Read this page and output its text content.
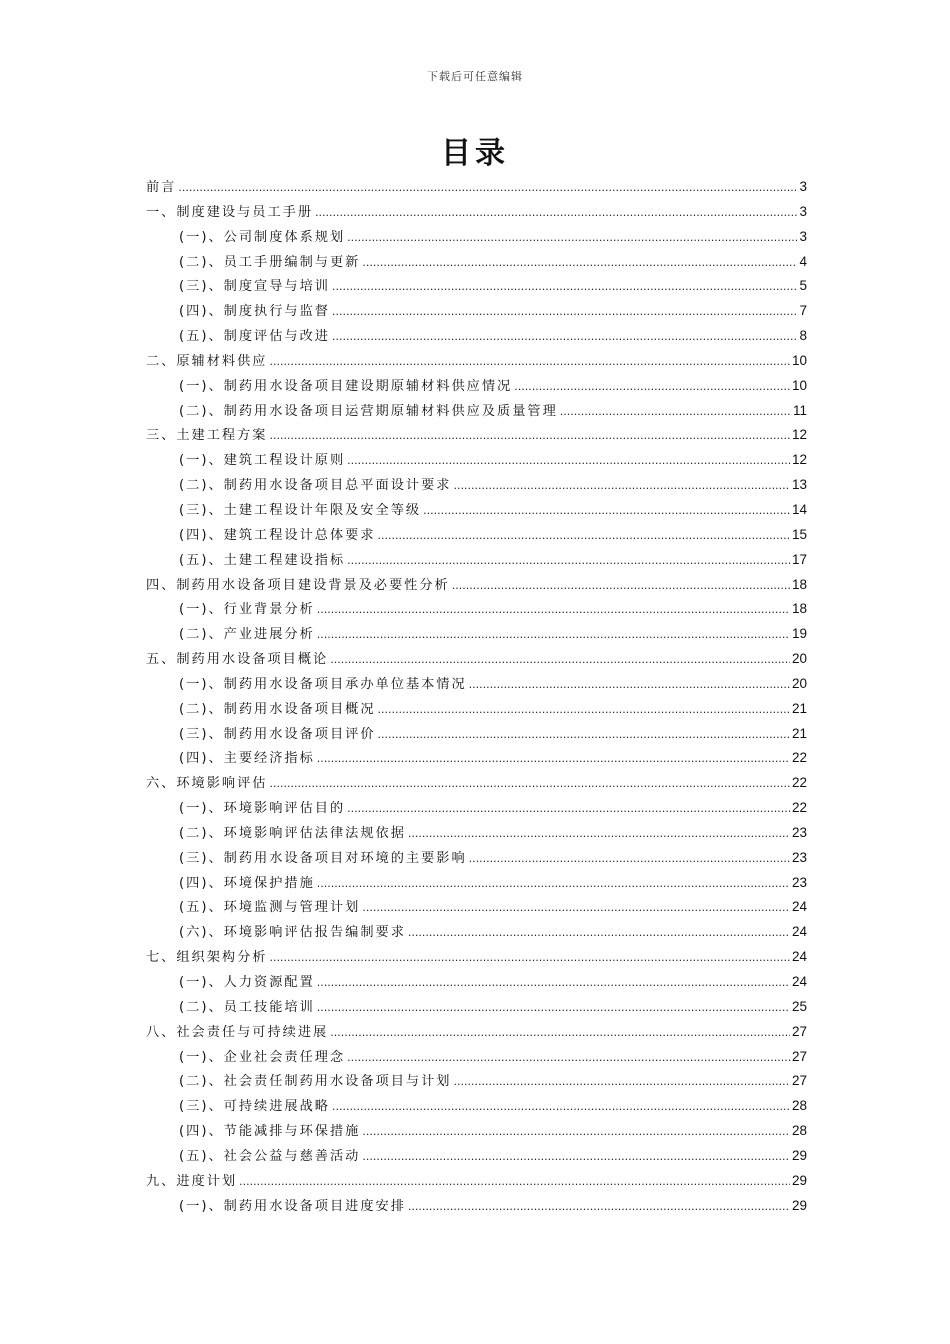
下载后可任意编辑
目录
前言 .....	3
一、制度建设与员工手册 .....	3
(一)、公司制度体系规划 .....	3
(二)、员工手册编制与更新 .....	4
(三)、制度宣导与培训 .....	5
(四)、制度执行与监督 .....	7
(五)、制度评估与改进 .....	8
二、原辅材料供应 .....	10
(一)、制药用水设备项目建设期原辅材料供应情况 .....	10
(二)、制药用水设备项目运营期原辅材料供应及质量管理 .....	11
三、土建工程方案 .....	12
(一)、建筑工程设计原则 .....	12
(二)、制药用水设备项目总平面设计要求 .....	13
(三)、土建工程设计年限及安全等级 .....	14
(四)、建筑工程设计总体要求 .....	15
(五)、土建工程建设指标 .....	17
四、制药用水设备项目建设背景及必要性分析 .....	18
(一)、行业背景分析 .....	18
(二)、产业进展分析 .....	19
五、制药用水设备项目概论 .....	20
(一)、制药用水设备项目承办单位基本情况 .....	20
(二)、制药用水设备项目概况 .....	21
(三)、制药用水设备项目评价 .....	21
(四)、主要经济指标 .....	22
六、环境影响评估 .....	22
(一)、环境影响评估目的 .....	22
(二)、环境影响评估法律法规依据 .....	23
(三)、制药用水设备项目对环境的主要影响 .....	23
(四)、环境保护措施 .....	23
(五)、环境监测与管理计划 .....	24
(六)、环境影响评估报告编制要求 .....	24
七、组织架构分析 .....	24
(一)、人力资源配置 .....	24
(二)、员工技能培训 .....	25
八、社会责任与可持续进展 .....	27
(一)、企业社会责任理念 .....	27
(二)、社会责任制药用水设备项目与计划 .....	27
(三)、可持续进展战略 .....	28
(四)、节能减排与环保措施 .....	28
(五)、社会公益与慈善活动 .....	29
九、进度计划 .....	29
(一)、制药用水设备项目进度安排 .....	29
